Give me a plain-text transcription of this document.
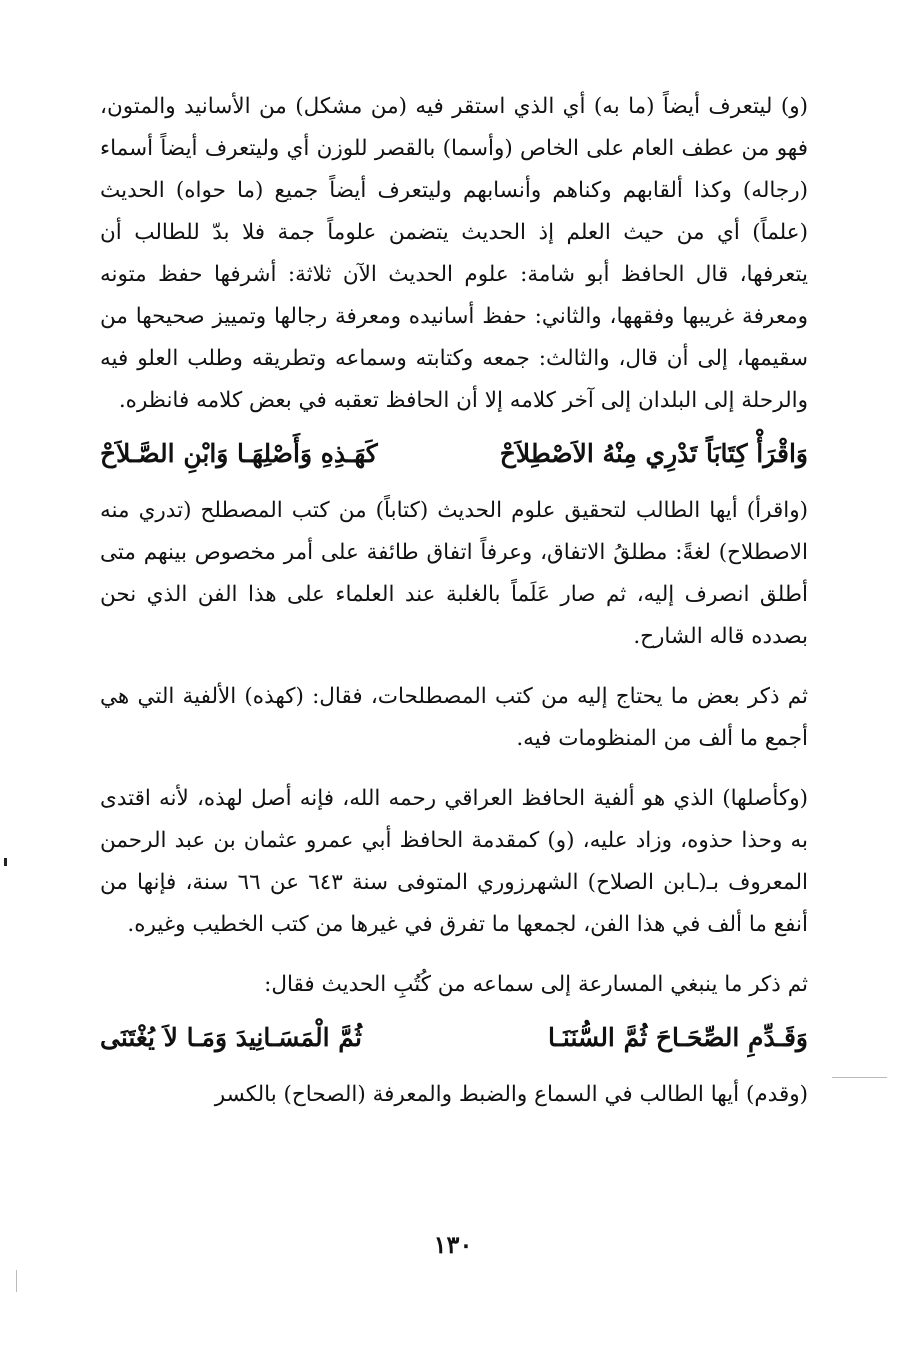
(و) ليتعرف أيضاً (ما به) أي الذي استقر فيه (من مشكل) من الأسانيد والمتون، فهو من عطف العام على الخاص (وأسما) بالقصر للوزن أي وليتعرف أيضاً أسماء (رجاله) وكذا ألقابهم وكناهم وأنسابهم وليتعرف أيضاً جميع (ما حواه) الحديث (علماً) أي من حيث العلم إذ الحديث يتضمن علوماً جمة فلا بدّ للطالب أن يتعرفها، قال الحافظ أبو شامة: علوم الحديث الآن ثلاثة: أشرفها حفظ متونه ومعرفة غريبها وفقهها، والثاني: حفظ أسانيده ومعرفة رجالها وتمييز صحيحها من سقيمها، إلى أن قال، والثالث: جمعه وكتابته وسماعه وتطريقه وطلب العلو فيه والرحلة إلى البلدان إلى آخر كلامه إلا أن الحافظ تعقبه في بعض كلامه فانظره.

وَاقْرَأْ كِتَابَاً تَدْرِي مِنْهُ الاَصْطِلاَحْ
كَهَـذِهِ وَأَصْلِهَـا وَابْنِ الصَّـلاَحْ

(واقرأ) أيها الطالب لتحقيق علوم الحديث (كتاباً) من كتب المصطلح (تدري منه الاصطلاح) لغةً: مطلقُ الاتفاق، وعرفاً اتفاق طائفة على أمر مخصوص بينهم متى أطلق انصرف إليه، ثم صار عَلَماً بالغلبة عند العلماء على هذا الفن الذي نحن بصدده قاله الشارح.

ثم ذكر بعض ما يحتاج إليه من كتب المصطلحات، فقال: (كهذه) الألفية التي هي أجمع ما ألف من المنظومات فيه.

(وكأصلها) الذي هو ألفية الحافظ العراقي رحمه الله، فإنه أصل لهذه، لأنه اقتدى به وحذا حذوه، وزاد عليه، (و) كمقدمة الحافظ أبي عمرو عثمان بن عبد الرحمن المعروف بـ(ـابن الصلاح) الشهرزوري المتوفى سنة ٦٤٣ عن ٦٦ سنة، فإنها من أنفع ما ألف في هذا الفن، لجمعها ما تفرق في غيرها من كتب الخطيب وغيره.

ثم ذكر ما ينبغي المسارعة إلى سماعه من كُتُبِ الحديث فقال:

وَقَـدِّمِ الصِّحَـاحَ ثُمَّ السُّنَنَـا
ثُمَّ الْمَسَـانِيدَ وَمَـا لاَ يُغْتَنَى

(وقدم) أيها الطالب في السماع والضبط والمعرفة (الصحاح) بالكسر

١٣٠
